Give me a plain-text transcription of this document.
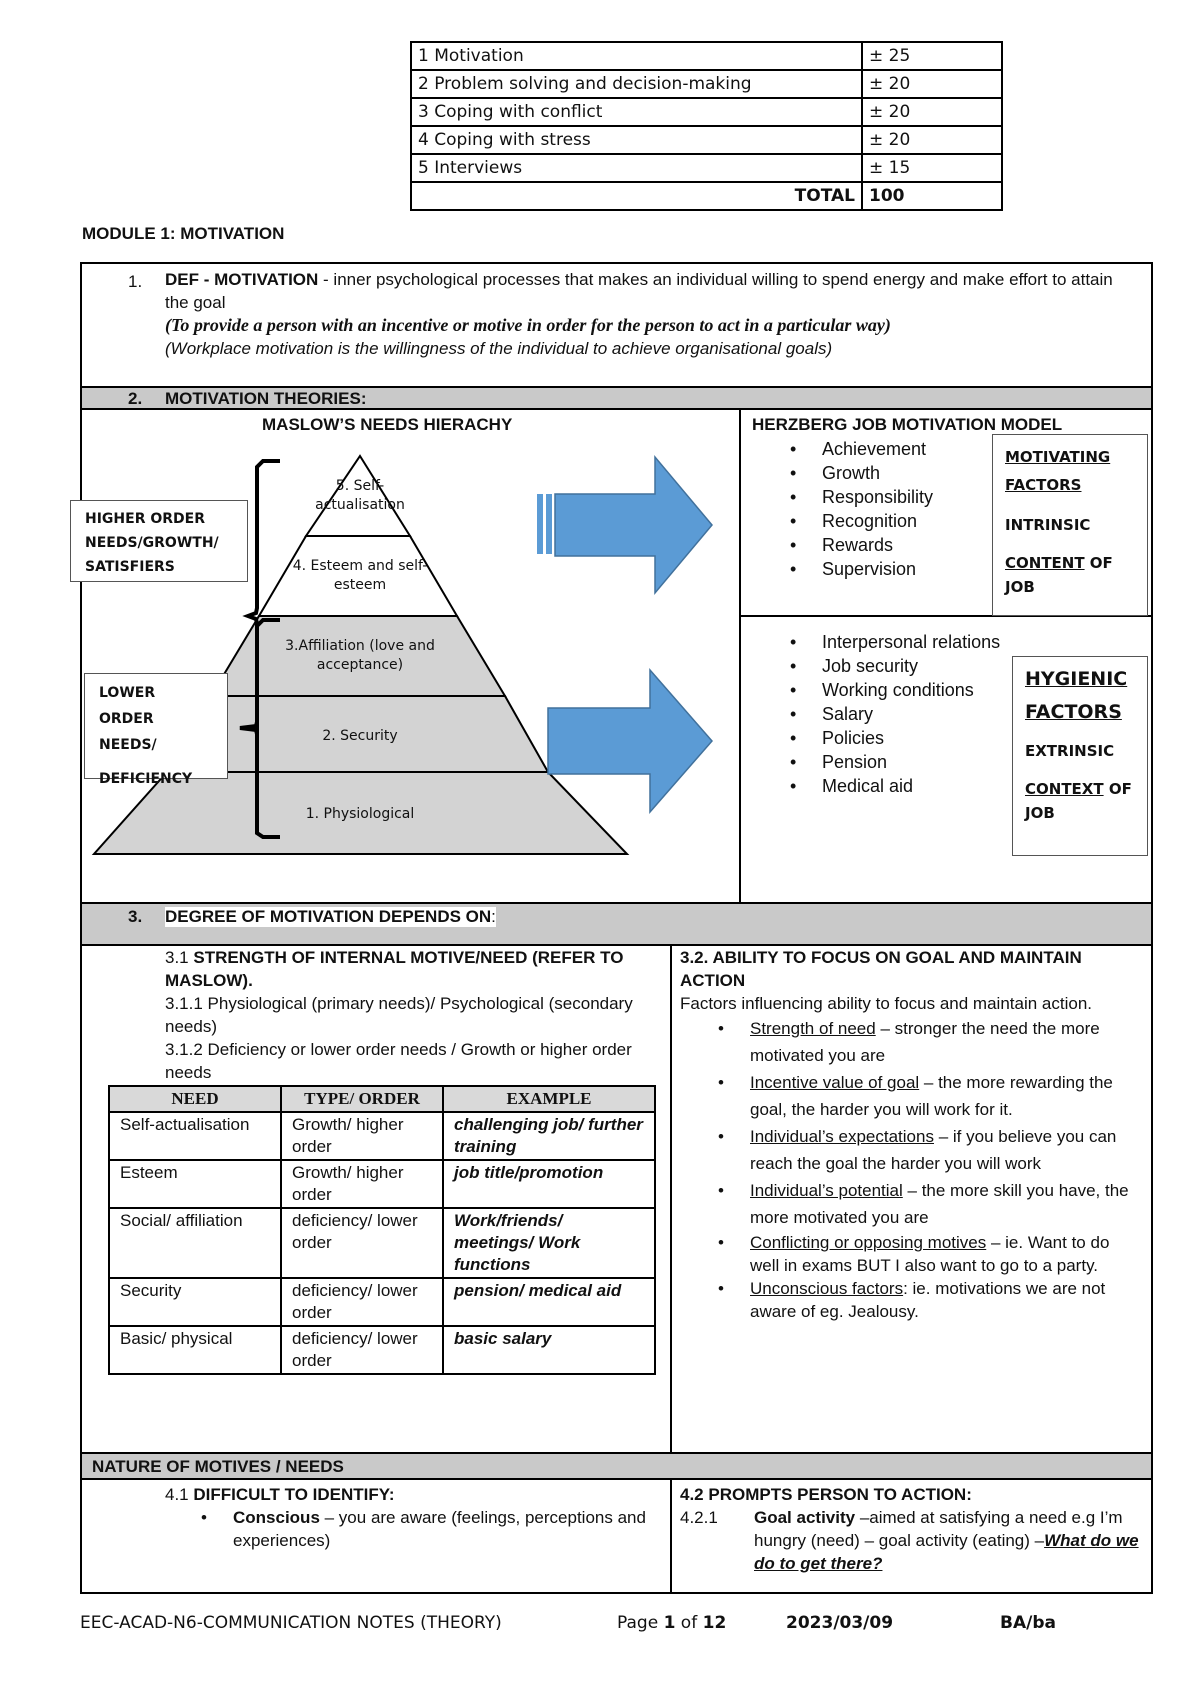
1 Motivation	± 25
2 Problem solving and decision-making	± 20
3 Coping with conflict	± 20
4 Coping with stress	± 20
5 Interviews	± 15
TOTAL	100
MODULE 1: MOTIVATION
1. DEF - MOTIVATION - inner psychological processes that makes an individual willing to spend energy and make effort to attain the goal
(To provide a person with an incentive or motive in order for the person to act in a particular way)
(Workplace motivation is the willingness of the individual to achieve organisational goals)
2. MOTIVATION THEORIES:
MASLOW’S NEEDS HIERACHY	HERZBERG JOB MOTIVATION MODEL
5. Self-actualisation
4. Esteem and self-esteem
3.Affiliation (love and acceptance)
2. Security
1. Physiological
HIGHER ORDER NEEDS/GROWTH/ SATISFIERS
LOWER ORDER NEEDS/
DEFICIENCY
• Achievement
• Growth
• Responsibility
• Recognition
• Rewards
• Supervision
MOTIVATING
FACTORS
INTRINSIC
CONTENT OF JOB
• Interpersonal relations
• Job security
• Working conditions
• Salary
• Policies
• Pension
• Medical aid
HYGIENIC
FACTORS
EXTRINSIC
CONTEXT OF JOB
3. DEGREE OF MOTIVATION DEPENDS ON:
3.1 STRENGTH OF INTERNAL MOTIVE/NEED (REFER TO MASLOW).
3.1.1 Physiological (primary needs)/ Psychological (secondary needs)
3.1.2 Deficiency or lower order needs / Growth or higher order needs
NEED	TYPE/ ORDER	EXAMPLE
Self-actualisation	Growth/ higher order	challenging job/ further training
Esteem	Growth/ higher order	job title/promotion
Social/ affiliation	deficiency/ lower order	Work/friends/ meetings/ Work functions
Security	deficiency/ lower order	pension/ medical aid
Basic/ physical	deficiency/ lower order	basic salary
3.2. ABILITY TO FOCUS ON GOAL AND MAINTAIN ACTION
Factors influencing ability to focus and maintain action.
• Strength of need – stronger the need the more motivated you are
• Incentive value of goal – the more rewarding the goal, the harder you will work for it.
• Individual’s expectations – if you believe you can reach the goal the harder you will work
• Individual’s potential – the more skill you have, the more motivated you are
• Conflicting or opposing motives – ie. Want to do well in exams BUT I also want to go to a party.
• Unconscious factors: ie. motivations we are not aware of eg. Jealousy.
NATURE OF MOTIVES / NEEDS
4.1 DIFFICULT TO IDENTIFY:
• Conscious – you are aware (feelings, perceptions and experiences)
4.2 PROMPTS PERSON TO ACTION:
4.2.1 Goal activity –aimed at satisfying a need e.g I’m hungry (need) – goal activity (eating) –What do we do to get there?
EEC-ACAD-N6-COMMUNICATION NOTES (THEORY)	Page 1 of 12	2023/03/09	BA/ba
